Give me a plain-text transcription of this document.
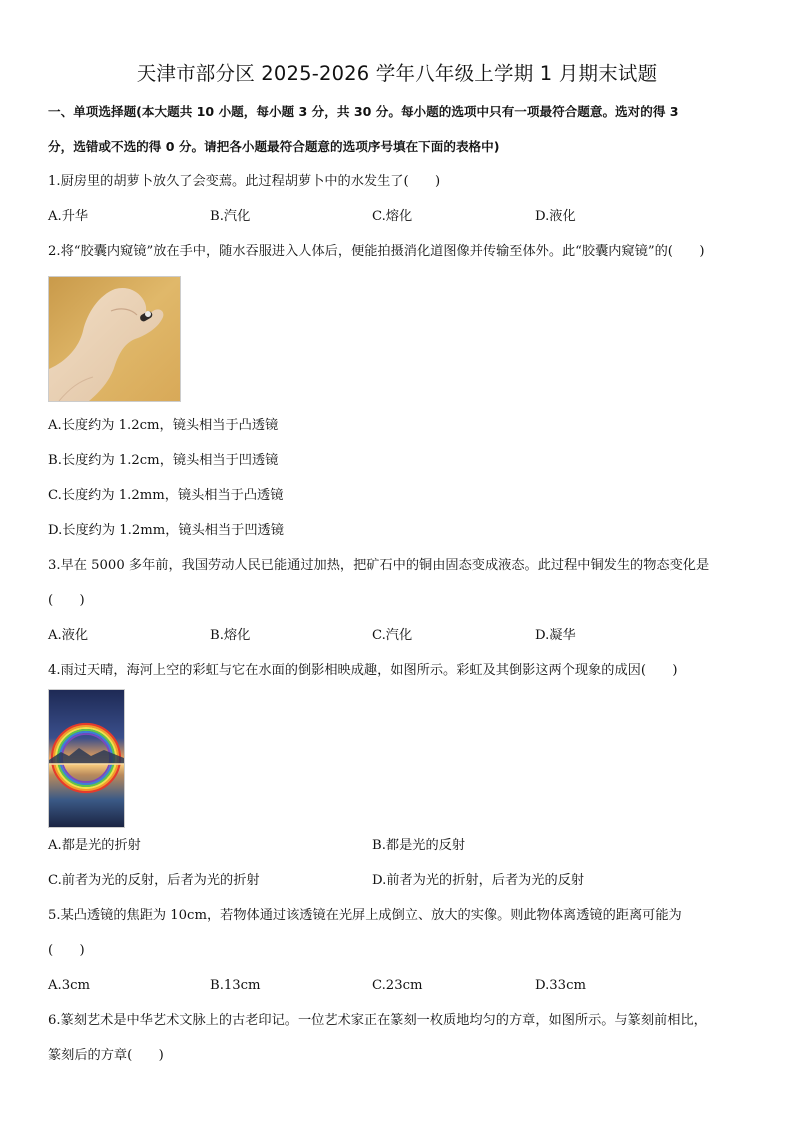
天津市部分区 2025-2026 学年八年级上学期 1 月期末试题
一、单项选择题(本大题共 10 小题，每小题 3 分，共 30 分。每小题的选项中只有一项最符合题意。选对的得 3
分，选错或不选的得 0 分。请把各小题最符合题意的选项序号填在下面的表格中)
1.厨房里的胡萝卜放久了会变蔫。此过程胡萝卜中的水发生了(　　)
A.升华	B.汽化	C.熔化	D.液化
2.将“胶囊内窥镜”放在手中，随水吞服进入人体后，便能拍摄消化道图像并传输至体外。此“胶囊内窥镜”的(　　)
A.长度约为 1.2cm，镜头相当于凸透镜
B.长度约为 1.2cm，镜头相当于凹透镜
C.长度约为 1.2mm，镜头相当于凸透镜
D.长度约为 1.2mm，镜头相当于凹透镜
3.早在 5000 多年前，我国劳动人民已能通过加热，把矿石中的铜由固态变成液态。此过程中铜发生的物态变化是
(　　)
A.液化	B.熔化	C.汽化	D.凝华
4.雨过天晴，海河上空的彩虹与它在水面的倒影相映成趣，如图所示。彩虹及其倒影这两个现象的成因(　　)
A.都是光的折射	B.都是光的反射
C.前者为光的反射，后者为光的折射	D.前者为光的折射，后者为光的反射
5.某凸透镜的焦距为 10cm，若物体通过该透镜在光屏上成倒立、放大的实像。则此物体离透镜的距离可能为
(　　)
A.3cm	B.13cm	C.23cm	D.33cm
6.篆刻艺术是中华艺术文脉上的古老印记。一位艺术家正在篆刻一枚质地均匀的方章，如图所示。与篆刻前相比，
篆刻后的方章(　　)
